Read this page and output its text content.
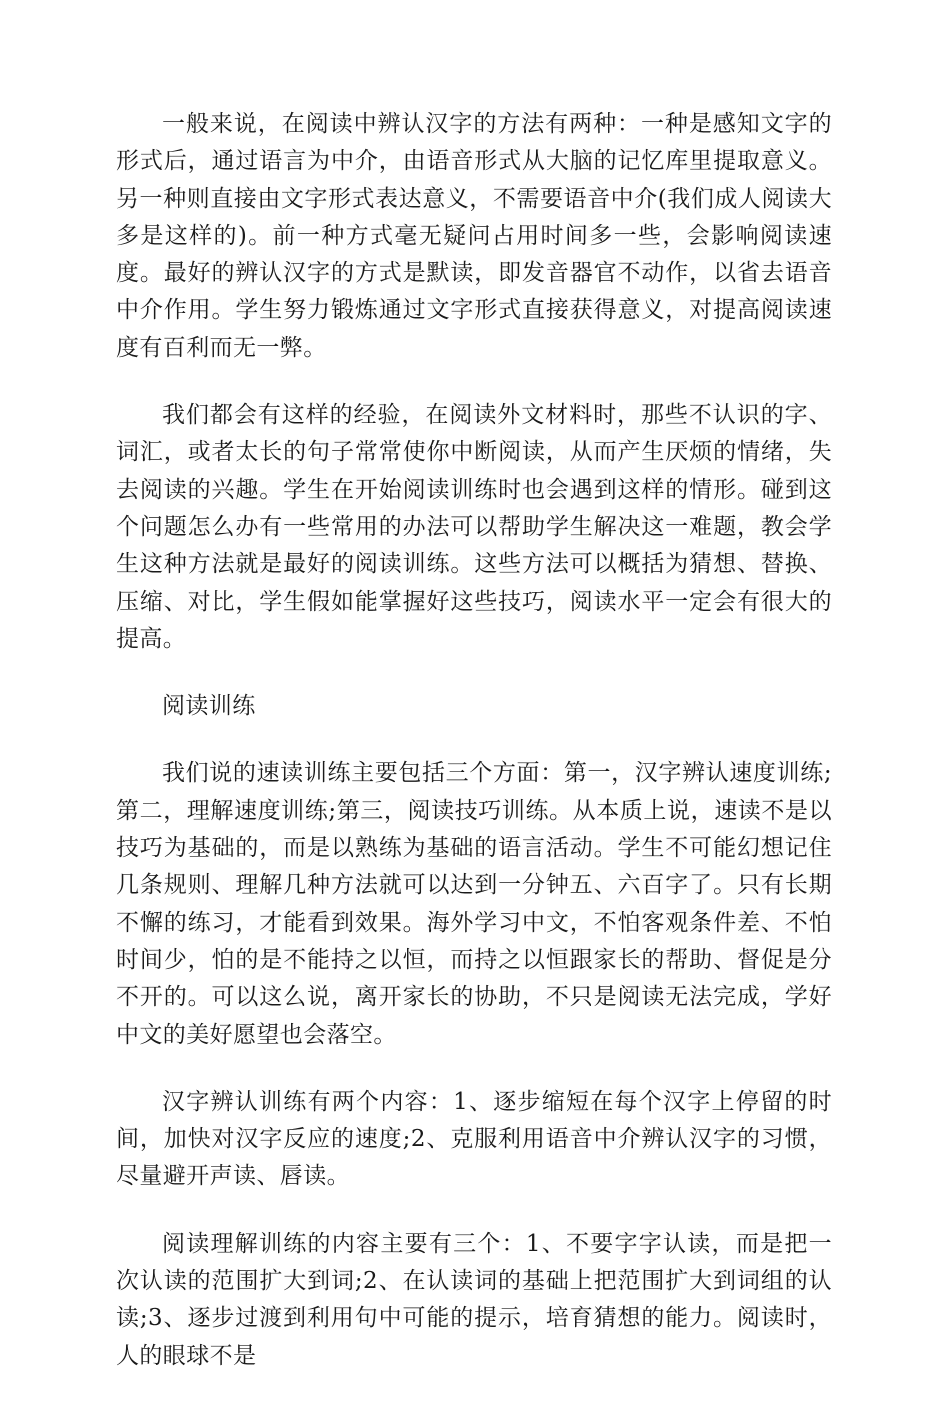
一般来说，在阅读中辨认汉字的方法有两种：一种是感知文字的形式后，通过语言为中介，由语音形式从大脑的记忆库里提取意义。另一种则直接由文字形式表达意义，不需要语音中介(我们成人阅读大多是这样的)。前一种方式毫无疑问占用时间多一些，会影响阅读速度。最好的辨认汉字的方式是默读，即发音器官不动作，以省去语音中介作用。学生努力锻炼通过文字形式直接获得意义，对提高阅读速度有百利而无一弊。

我们都会有这样的经验，在阅读外文材料时，那些不认识的字、词汇，或者太长的句子常常使你中断阅读，从而产生厌烦的情绪，失去阅读的兴趣。学生在开始阅读训练时也会遇到这样的情形。碰到这个问题怎么办有一些常用的办法可以帮助学生解决这一难题，教会学生这种方法就是最好的阅读训练。这些方法可以概括为猜想、替换、压缩、对比，学生假如能掌握好这些技巧，阅读水平一定会有很大的提高。

阅读训练

我们说的速读训练主要包括三个方面：第一，汉字辨认速度训练;第二，理解速度训练;第三，阅读技巧训练。从本质上说，速读不是以技巧为基础的，而是以熟练为基础的语言活动。学生不可能幻想记住几条规则、理解几种方法就可以达到一分钟五、六百字了。只有长期不懈的练习，才能看到效果。海外学习中文，不怕客观条件差、不怕时间少，怕的是不能持之以恒，而持之以恒跟家长的帮助、督促是分不开的。可以这么说，离开家长的协助，不只是阅读无法完成，学好中文的美好愿望也会落空。

汉字辨认训练有两个内容：1、逐步缩短在每个汉字上停留的时间，加快对汉字反应的速度;2、克服利用语音中介辨认汉字的习惯，尽量避开声读、唇读。

阅读理解训练的内容主要有三个：1、不要字字认读，而是把一次认读的范围扩大到词;2、在认读词的基础上把范围扩大到词组的认读;3、逐步过渡到利用句中可能的提示，培育猜想的能力。阅读时，人的眼球不是
